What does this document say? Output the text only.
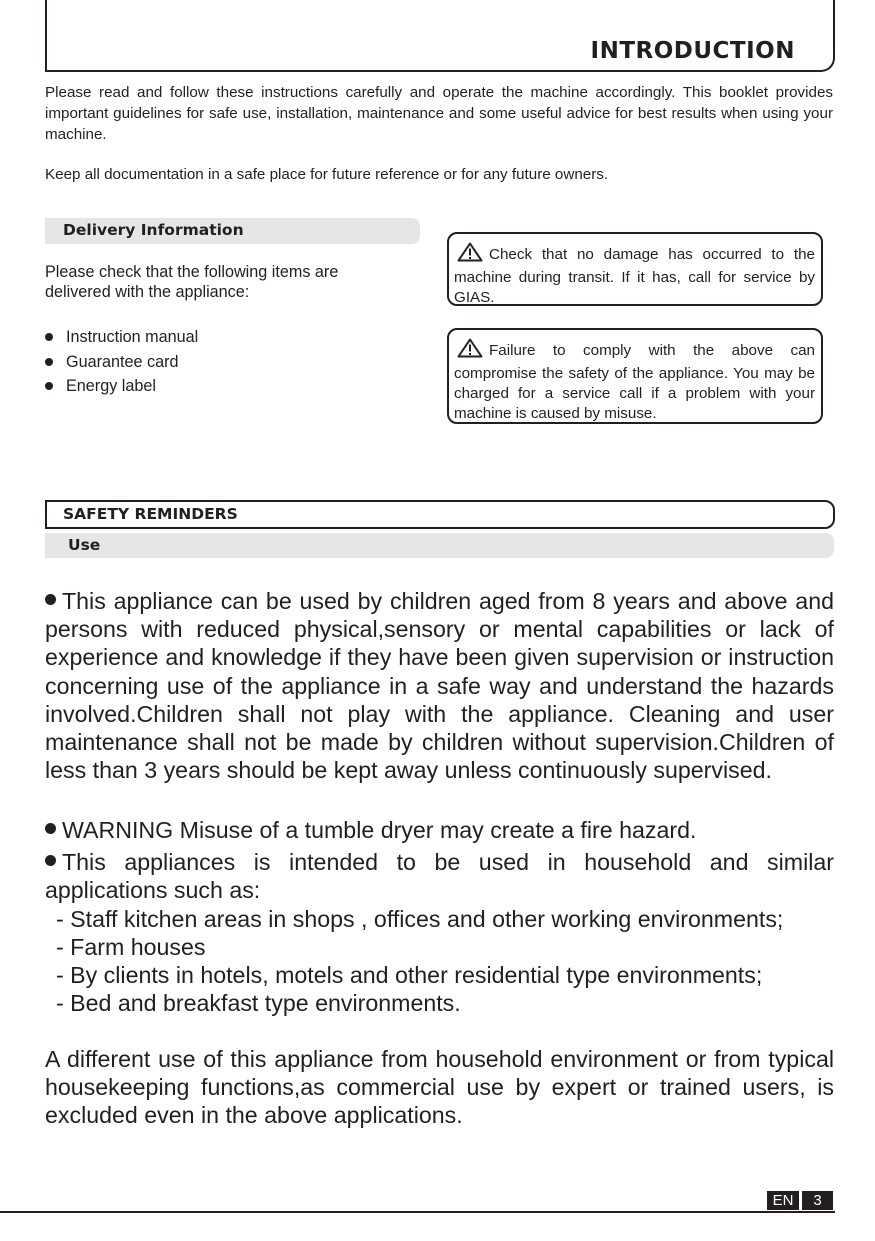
INTRODUCTION

Please read and follow these instructions carefully and operate the machine accordingly. This booklet provides important guidelines for safe use, installation, maintenance and some useful advice for best results when using your machine.

Keep all documentation in a safe place for future reference or for any future owners.

Delivery Information

Please check that the following items are delivered with the appliance:

Instruction manual
Guarantee card
Energy label
Check that no damage has occurred to the machine during transit. If it has, call for service by GIAS.
Failure to comply with the above can compromise the safety of the appliance. You may be charged for a service call if a problem with your machine is caused by misuse.
SAFETY REMINDERS
Use

This appliance can be used by children aged from 8 years and above and persons with reduced physical,sensory or mental capabilities or lack of experience and knowledge if they have been given supervision or instruction concerning use of the appliance in a safe way and understand the hazards involved.Children shall not play with the appliance. Cleaning and user maintenance shall not be made by children without supervision.Children of less than 3 years should be kept away unless continuously supervised.

WARNING Misuse of a tumble dryer may create a fire hazard.

This appliances is intended to be used in household and similar applications such as:

- Staff kitchen areas in shops , offices and other working environments;
- Farm houses
- By clients in hotels, motels and other residential type environments;
- Bed and breakfast type environments.

A different use of this appliance from household environment or from typical housekeeping functions,as commercial use by expert or trained users, is excluded even in the above applications.

EN	3
